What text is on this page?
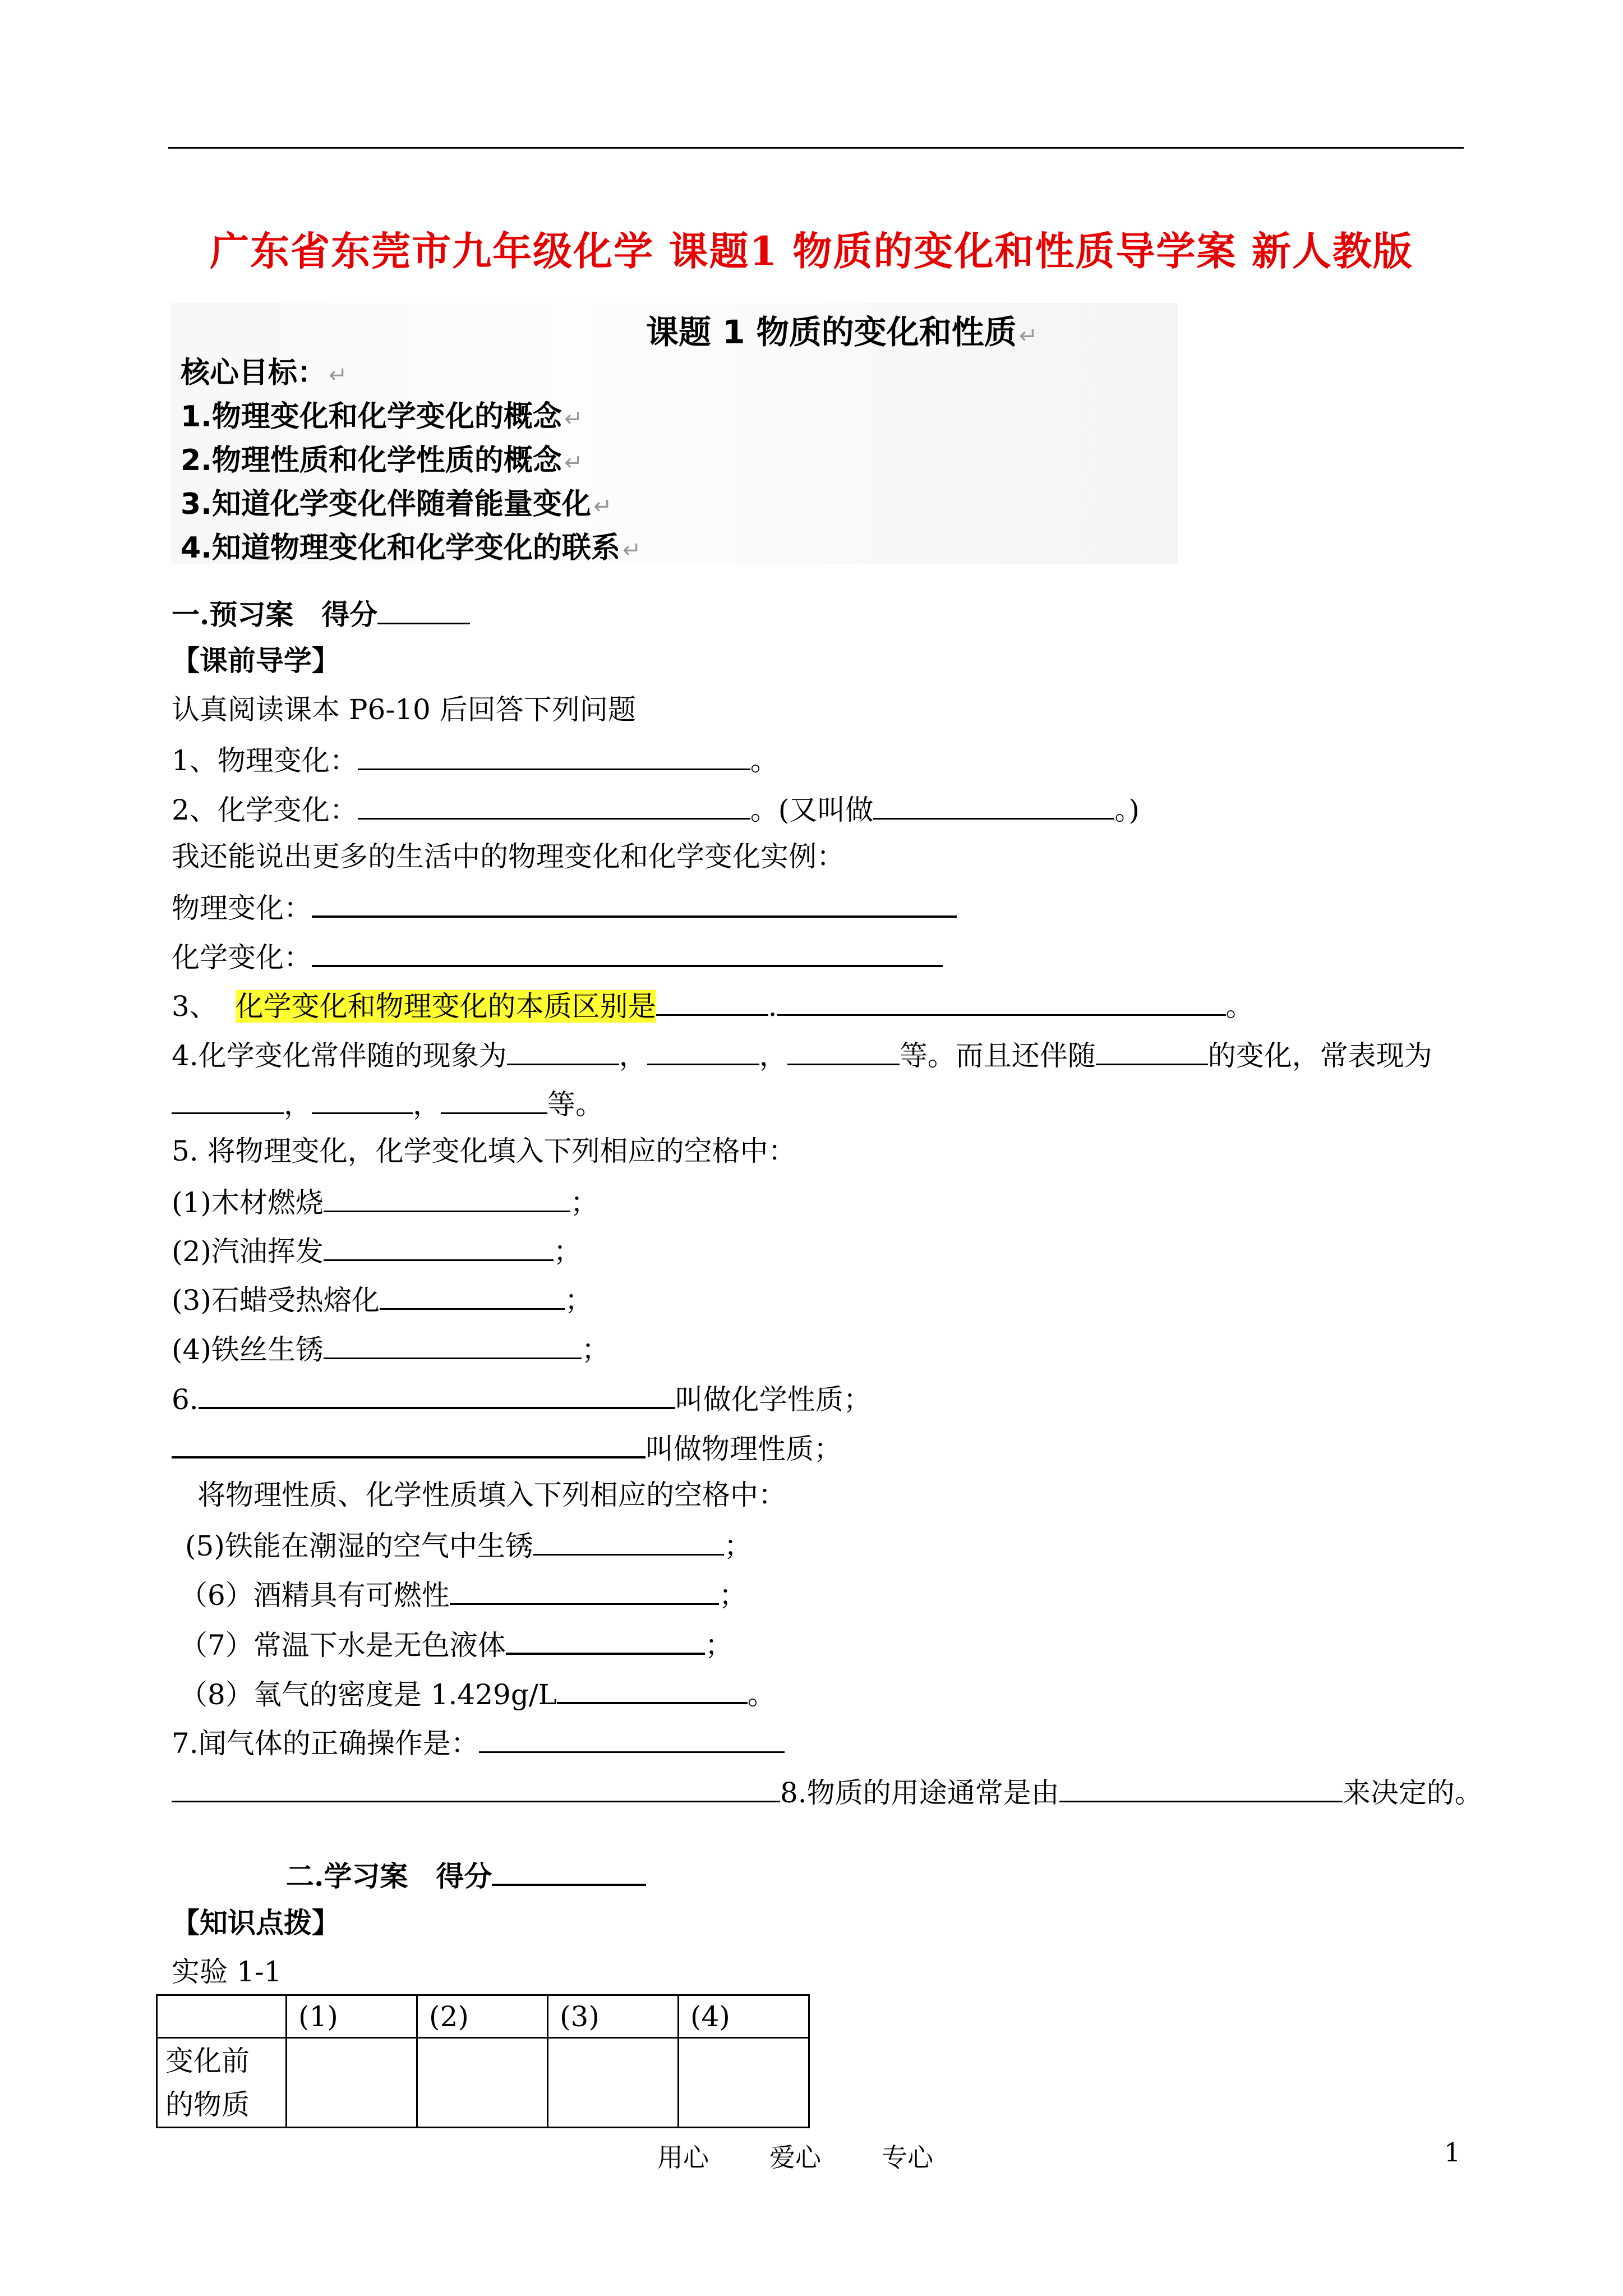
广东省东莞市九年级化学 课题1 物质的变化和性质导学案 新人教版
课题 1 物质的变化和性质 ↵
核心目标： ↵
1.物理变化和化学变化的概念 ↵
2.物理性质和化学性质的概念 ↵
3.知道化学变化伴随着能量变化 ↵
4.知道物理变化和化学变化的联系 ↵
一.预习案　得分
【课前导学】
认真阅读课本 P6-10 后回答下列问题
1、物理变化：	。
2、化学变化：	。(又叫做	。)
我还能说出更多的生活中的物理变化和化学变化实例：
物理变化：
化学变化：
3、 化学变化和物理变化的本质区别是	.	。
4.化学变化常伴随的现象为	，	，	等。而且还伴随	的变化，常表现为
，	，	等。
5. 将物理变化，化学变化填入下列相应的空格中：
(1)木材燃烧	；
(2)汽油挥发	；
(3)石蜡受热熔化	；
(4)铁丝生锈	；
6.	叫做化学性质；
叫做物理性质；
将物理性质、化学性质填入下列相应的空格中：
(5)铁能在潮湿的空气中生锈	；
（6）酒精具有可燃性	；
（7）常温下水是无色液体	；
（8）氧气的密度是 1.429g/L	。
7.闻气体的正确操作是：
8.物质的用途通常是由	来决定的。
二.学习案　得分
【知识点拨】
实验 1-1
	(1)	(2)	(3)	(4)
变化前
的物质				
用心 爱心 专心	1
